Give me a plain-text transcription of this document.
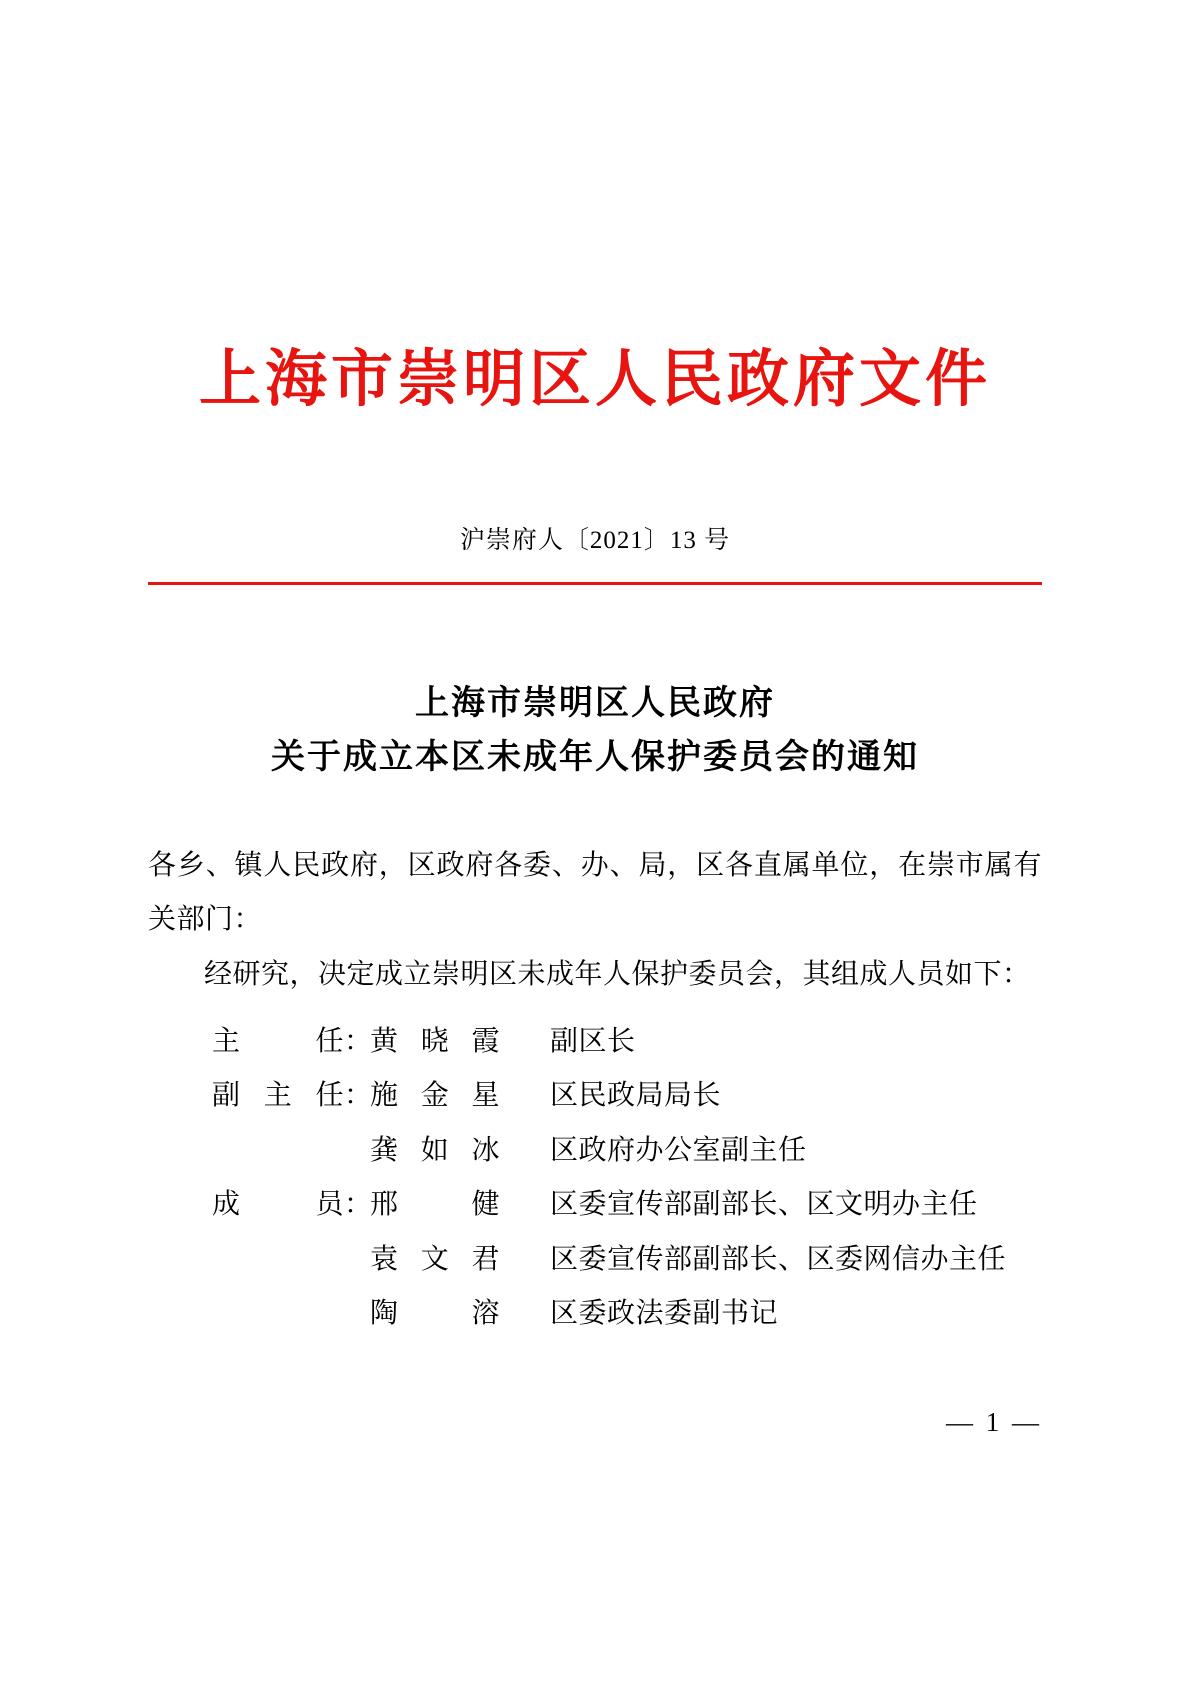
上海市崇明区人民政府文件
沪崇府人〔2021〕13 号
上海市崇明区人民政府
关于成立本区未成年人保护委员会的通知

各乡、镇人民政府，区政府各委、办、局，区各直属单位，在崇市属有关部门：

经研究，决定成立崇明区未成年人保护委员会，其组成人员如下：

主任 ：
黄晓霞	副区长
副主任 ：
施金星	区民政局局长
龚如冰	区政府办公室副主任
成员 ：
邢健	区委宣传部副部长、区文明办主任
袁文君	区委宣传部副部长、区委网信办主任
陶溶	区委政法委副书记
— 1 —
